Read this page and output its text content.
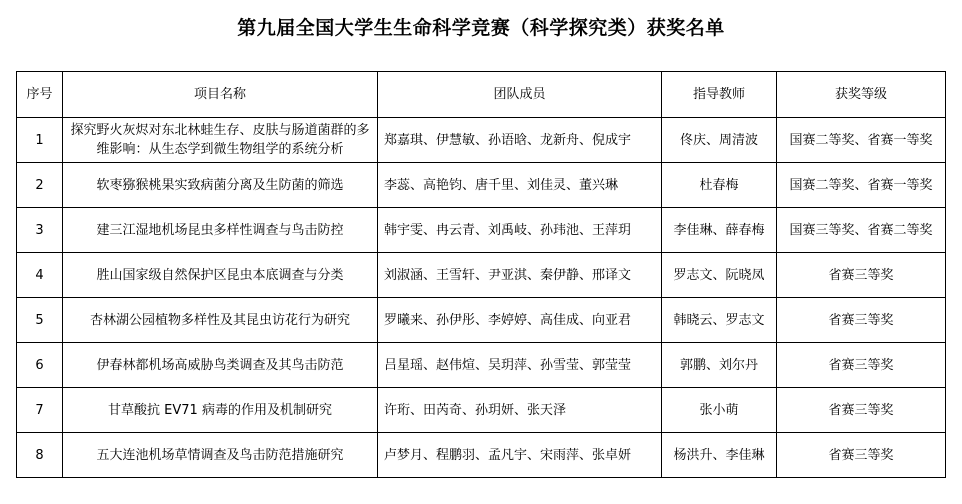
第九届全国大学生生命科学竞赛（科学探究类）获奖名单
序号	项目名称	团队成员	指导教师	获奖等级
1	探究野火灰烬对东北林蛙生存、皮肤与肠道菌群的多维影响：从生态学到微生物组学的系统分析	郑嘉琪、伊慧敏、孙语晗、龙新舟、倪成宇	佟庆、周清波	国赛二等奖、省赛一等奖
2	软枣猕猴桃果实致病菌分离及生防菌的筛选	李蕊、高艳钧、唐千里、刘佳灵、董兴琳	杜春梅	国赛二等奖、省赛一等奖
3	建三江湿地机场昆虫多样性调查与鸟击防控	韩宇雯、冉云青、刘禹岐、孙玮池、王萍玥	李佳琳、薛春梅	国赛三等奖、省赛二等奖
4	胜山国家级自然保护区昆虫本底调查与分类	刘淑涵、王雪轩、尹亚淇、秦伊静、邢译文	罗志文、阮晓凤	省赛三等奖
5	杏林湖公园植物多样性及其昆虫访花行为研究	罗曦来、孙伊彤、李婷婷、高佳成、向亚君	韩晓云、罗志文	省赛三等奖
6	伊春林都机场高威胁鸟类调查及其鸟击防范	吕星瑶、赵伟煊、吴玥萍、孙雪莹、郭莹莹	郭鹏、刘尔丹	省赛三等奖
7	甘草酸抗 EV71 病毒的作用及机制研究	许珩、田芮奇、孙玥妍、张天泽	张小萌	省赛三等奖
8	五大连池机场草情调查及鸟击防范措施研究	卢梦月、程鹏羽、孟凡宇、宋雨萍、张卓妍	杨洪升、李佳琳	省赛三等奖
